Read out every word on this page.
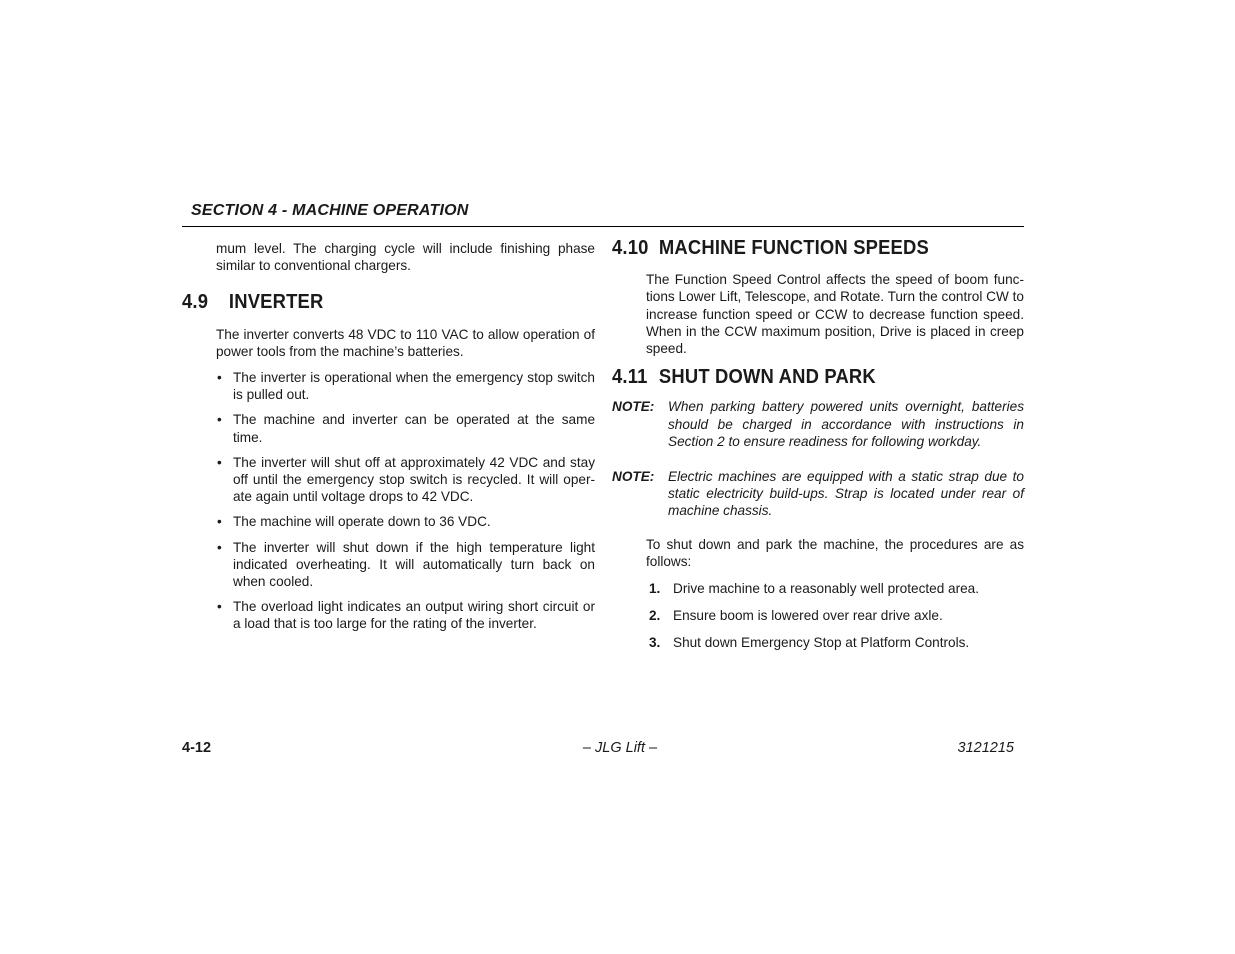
SECTION 4 - MACHINE OPERATION

mum level. The charging cycle will include finishing phase similar to conventional chargers.

4.9 INVERTER

The inverter converts 48 VDC to 110 VAC to allow operation of power tools from the machine’s batteries.

• The inverter is operational when the emergency stop switch is pulled out.
• The machine and inverter can be operated at the same time.
• The inverter will shut off at approximately 42 VDC and stay off until the emergency stop switch is recycled. It will oper-ate again until voltage drops to 42 VDC.
• The machine will operate down to 36 VDC.
• The inverter will shut down if the high temperature light indicated overheating. It will automatically turn back on when cooled.
• The overload light indicates an output wiring short circuit or a load that is too large for the rating of the inverter.
4.10 MACHINE FUNCTION SPEEDS

The Function Speed Control affects the speed of boom func-tions Lower Lift, Telescope, and Rotate. Turn the control CW to increase function speed or CCW to decrease function speed. When in the CCW maximum position, Drive is placed in creep speed.

4.11 SHUT DOWN AND PARK
NOTE:	When parking battery powered units overnight, batteries should be charged in accordance with instructions in Section 2 to ensure readiness for following workday.
NOTE:	Electric machines are equipped with a static strap due to static electricity build-ups. Strap is located under rear of machine chassis.

To shut down and park the machine, the procedures are as follows:

1. Drive machine to a reasonably well protected area.
2. Ensure boom is lowered over rear drive axle.
3. Shut down Emergency Stop at Platform Controls.
4-12	– JLG Lift –	3121215
